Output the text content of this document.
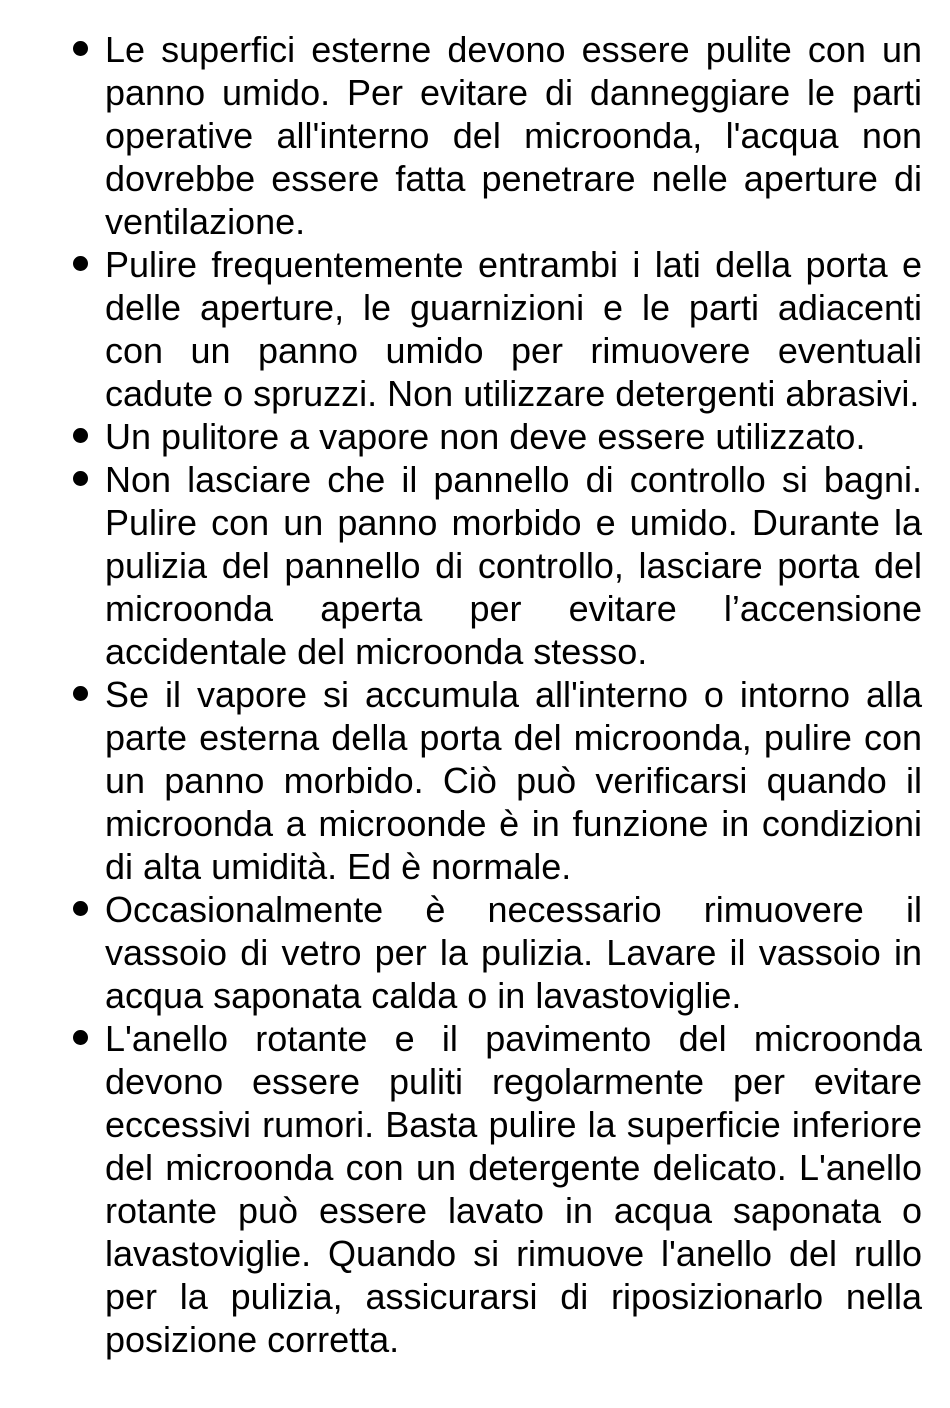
Le superfici esterne devono essere pulite con un panno umido. Per evitare di danneggiare le parti operative all'interno del microonda, l'acqua non dovrebbe essere fatta penetrare nelle aperture di ventilazione.
Pulire frequentemente entrambi i lati della porta e delle aperture, le guarnizioni e le parti adiacenti con un panno umido per rimuovere eventuali cadute o spruzzi. Non utilizzare detergenti abrasivi.
Un pulitore a vapore non deve essere utilizzato.
Non lasciare che il pannello di controllo si bagni. Pulire con un panno morbido e umido. Durante la pulizia del pannello di controllo, lasciare porta del microonda aperta per evitare l’accensione accidentale del microonda stesso.
Se il vapore si accumula all'interno o intorno alla parte esterna della porta del microonda, pulire con un panno morbido. Ciò può verificarsi quando il microonda a microonde è in funzione in condizioni di alta umidità. Ed è normale.
Occasionalmente è necessario rimuovere il vassoio di vetro per la pulizia. Lavare il vassoio in acqua saponata calda o in lavastoviglie.
L'anello rotante e il pavimento del microonda devono essere puliti regolarmente per evitare eccessivi rumori. Basta pulire la superficie inferiore del microonda con un detergente delicato. L'anello rotante può essere lavato in acqua saponata o lavastoviglie. Quando si rimuove l'anello del rullo per la pulizia, assicurarsi di riposizionarlo nella posizione corretta.
